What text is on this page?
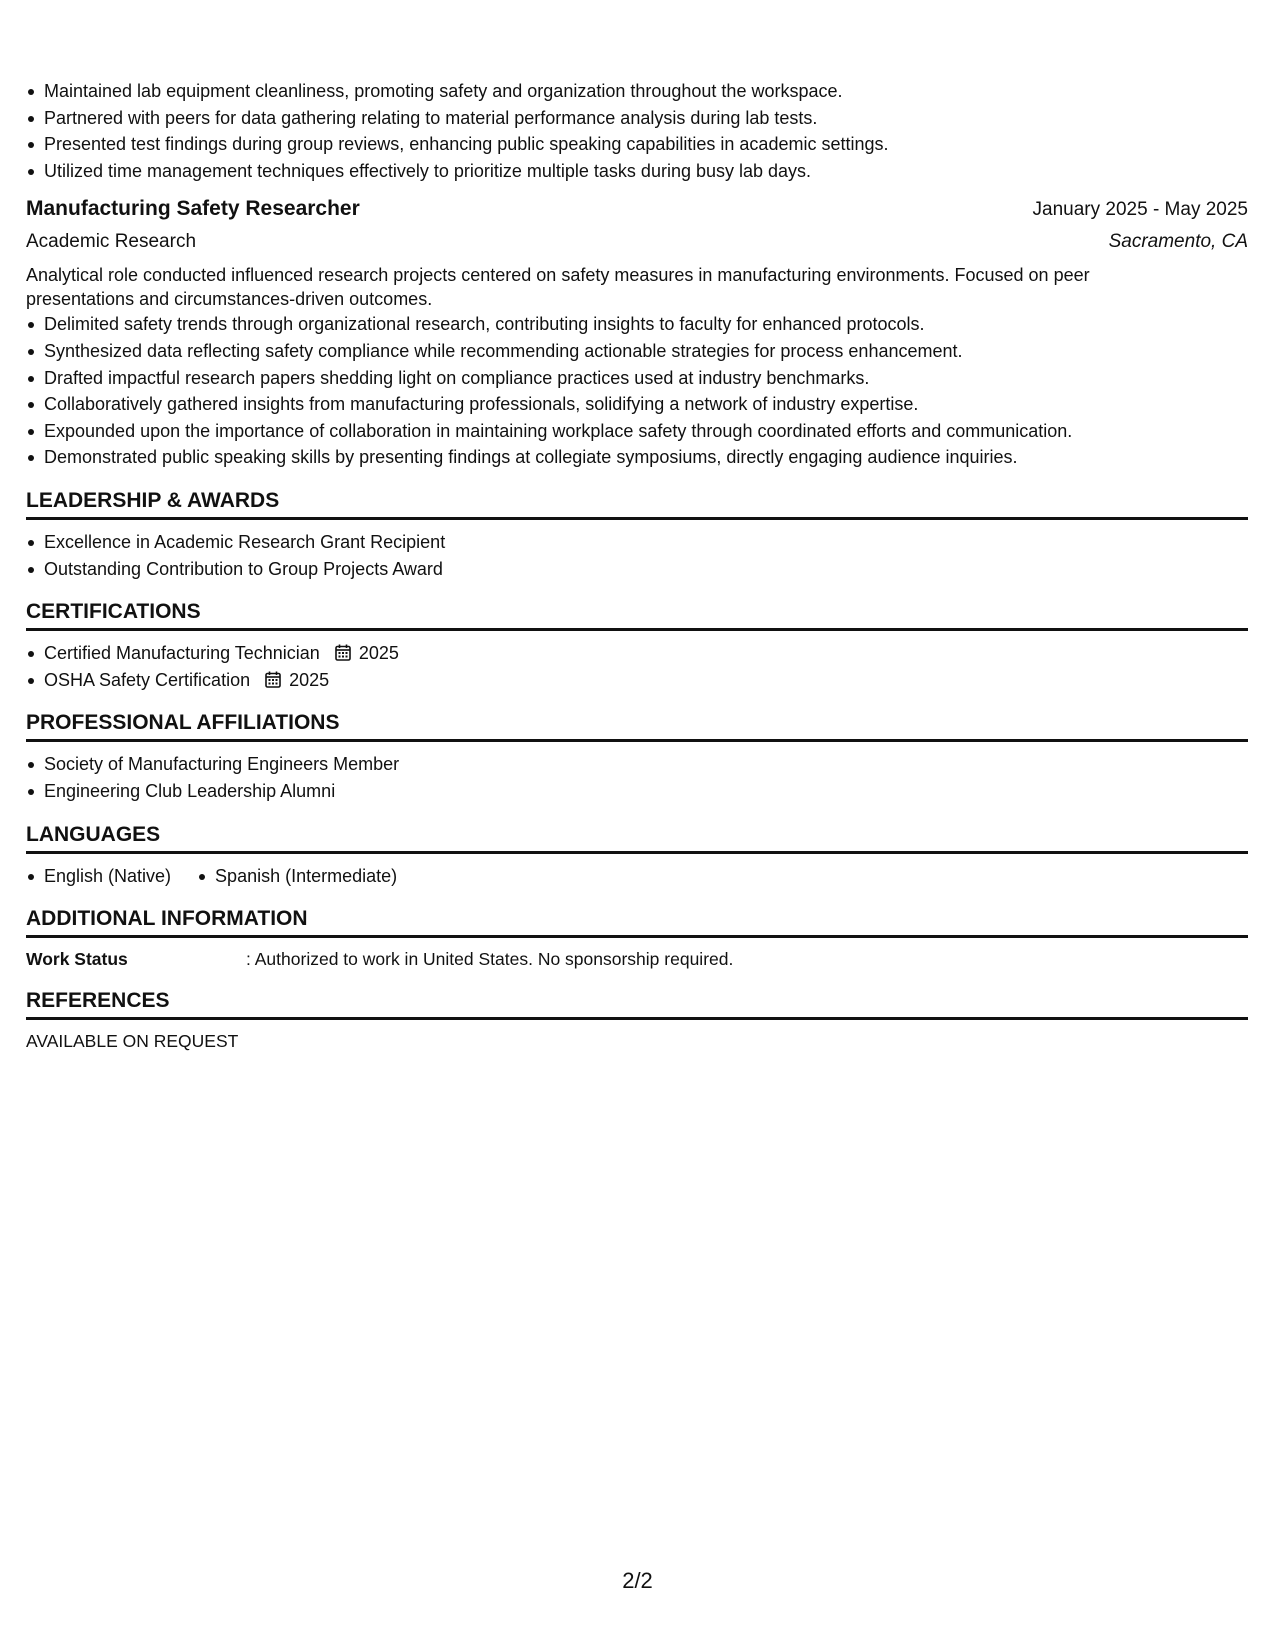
Maintained lab equipment cleanliness, promoting safety and organization throughout the workspace.
Partnered with peers for data gathering relating to material performance analysis during lab tests.
Presented test findings during group reviews, enhancing public speaking capabilities in academic settings.
Utilized time management techniques effectively to prioritize multiple tasks during busy lab days.
Manufacturing Safety Researcher	January 2025 - May 2025
Academic Research	Sacramento, CA
Analytical role conducted influenced research projects centered on safety measures in manufacturing environments. Focused on peer
presentations and circumstances-driven outcomes.
Delimited safety trends through organizational research, contributing insights to faculty for enhanced protocols.
Synthesized data reflecting safety compliance while recommending actionable strategies for process enhancement.
Drafted impactful research papers shedding light on compliance practices used at industry benchmarks.
Collaboratively gathered insights from manufacturing professionals, solidifying a network of industry expertise.
Expounded upon the importance of collaboration in maintaining workplace safety through coordinated efforts and communication.
Demonstrated public speaking skills by presenting findings at collegiate symposiums, directly engaging audience inquiries.
LEADERSHIP & AWARDS
Excellence in Academic Research Grant Recipient
Outstanding Contribution to Group Projects Award
CERTIFICATIONS
Certified Manufacturing Technician 2025
OSHA Safety Certification 2025
PROFESSIONAL AFFILIATIONS
Society of Manufacturing Engineers Member
Engineering Club Leadership Alumni
LANGUAGES
English (Native)	Spanish (Intermediate)
ADDITIONAL INFORMATION
Work Status	: Authorized to work in United States. No sponsorship required.
REFERENCES
AVAILABLE ON REQUEST
2/2
